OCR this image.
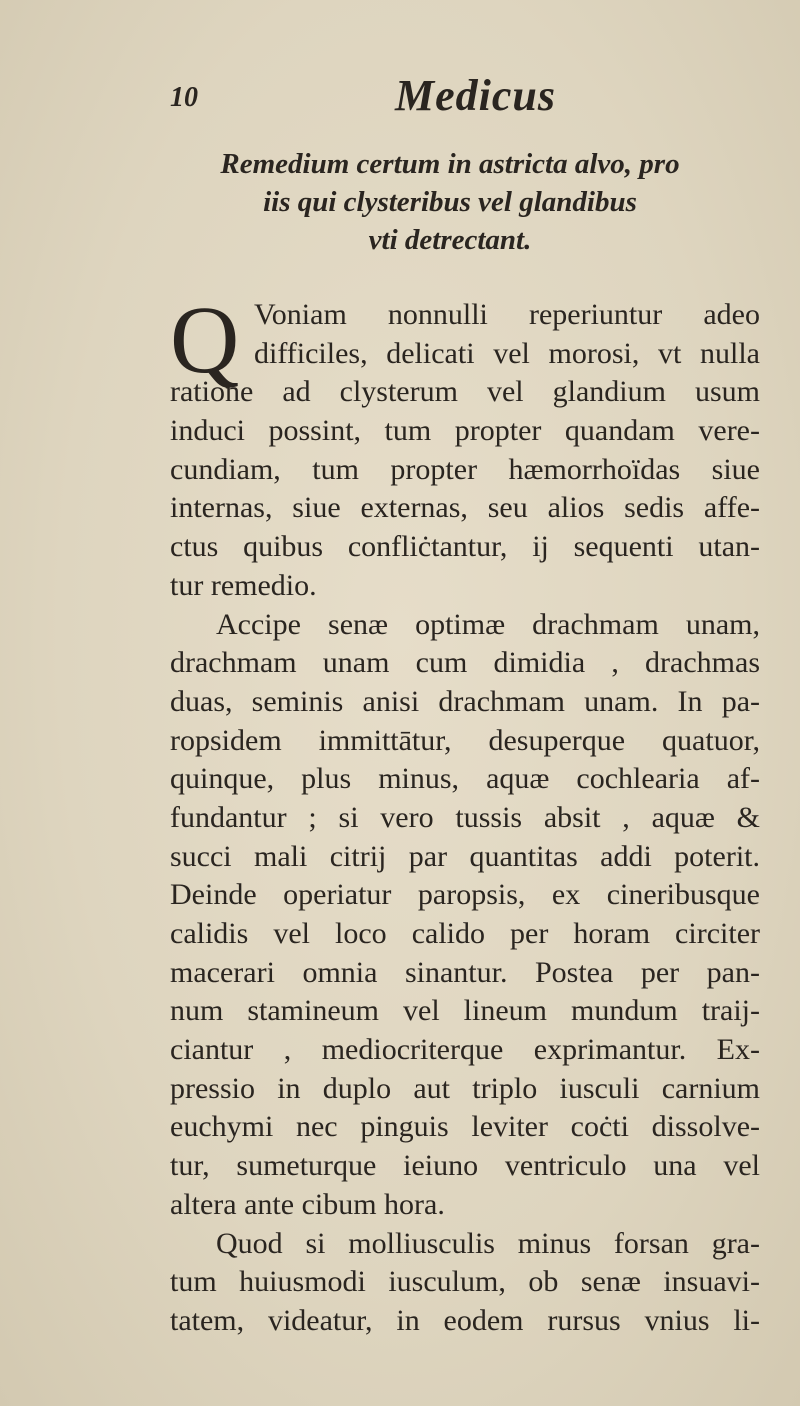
10	Medicus
Remedium certum in astricta alvo, pro
iis qui clysteribus vel glandibus
vti detrectant.
Q Voniam nonnulli reperiuntur adeo
difficiles, delicati vel morosi, vt nulla
ratione ad clysterum vel glandium usum
induci possint, tum propter quandam vere-
cundiam, tum propter hæmorrhoïdas siue
internas, siue externas, seu alios sedis affe-
ctus quibus confliċtantur, ij sequenti utan-
tur remedio.
Accipe senæ optimæ drachmam unam,
drachmam unam cum dimidia , drachmas
duas, seminis anisi drachmam unam. In pa-
ropsidem immittātur, desuperque quatuor,
quinque, plus minus, aquæ cochlearia af-
fundantur ; si vero tussis absit , aquæ &
succi mali citrij par quantitas addi poterit.
Deinde operiatur paropsis, ex cineribusque
calidis vel loco calido per horam circiter
macerari omnia sinantur. Postea per pan-
num stamineum vel lineum mundum traij-
ciantur , mediocriterque exprimantur. Ex-
pressio in duplo aut triplo iusculi carnium
euchymi nec pinguis leviter coċti dissolve-
tur, sumeturque ieiuno ventriculo una vel
altera ante cibum hora.
Quod si molliusculis minus forsan gra-
tum huiusmodi iusculum, ob senæ insuavi-
tatem, videatur, in eodem rursus vnius li-
